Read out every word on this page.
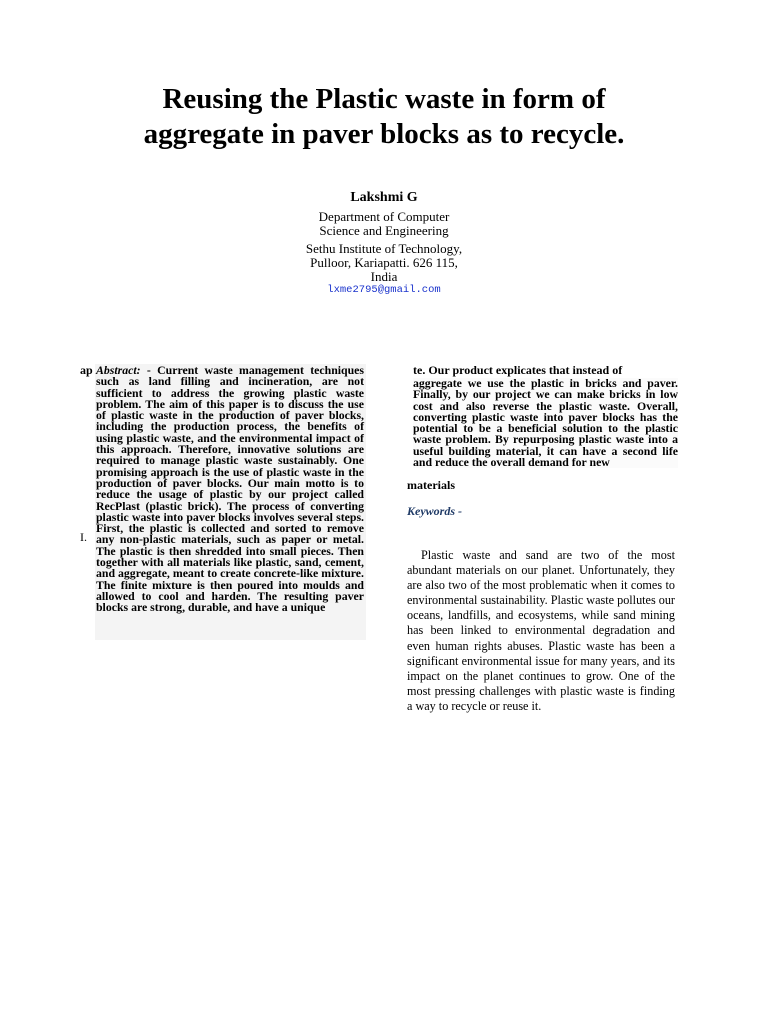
Reusing the Plastic waste in form of
aggregate in paver blocks as to recycle.
Lakshmi G
Department of Computer
Science and Engineering
Sethu Institute of Technology,
Pulloor, Kariapatti. 626 115,
India
lxme2795@gmail.com
ap Abstract: - Current waste management techniques such as land filling and incineration, are not sufficient to address the growing plastic waste problem. The aim of this paper is to discuss the use of plastic waste in the production of paver blocks, including the production process, the benefits of using plastic waste, and the environmental impact of this approach. Therefore, innovative solutions are required to manage plastic waste sustainably. One promising approach is the use of plastic waste in the production of paver blocks. Our main motto is to reduce the usage of plastic by our project called RecPlast (plastic brick). The process of converting plastic waste into paver blocks involves several steps. First, the plastic is collected and sorted to remove any non-plastic materials, such as paper or metal. The plastic is then shredded into small pieces. Then together with all materials like plastic, sand, cement, and aggregate, meant to create concrete-like mixture. The finite mixture is then poured into moulds and allowed to cool and harden. The resulting paver blocks are strong, durable, and have a unique
I.
te. Our product explicates that instead of
aggregate we use the plastic in bricks and paver. Finally, by our project we can make bricks in low cost and also reverse the plastic waste. Overall, converting plastic waste into paver blocks has the potential to be a beneficial solution to the plastic waste problem. By repurposing plastic waste into a useful building material, it can have a second life and reduce the overall demand for new
materials
Keywords -
Plastic waste and sand are two of the most abundant materials on our planet. Unfortunately, they are also two of the most problematic when it comes to environmental sustainability. Plastic waste pollutes our oceans, landfills, and ecosystems, while sand mining has been linked to environmental degradation and even human rights abuses. Plastic waste has been a significant environmental issue for many years, and its impact on the planet continues to grow. One of the most pressing challenges with plastic waste is finding a way to recycle or reuse it.
